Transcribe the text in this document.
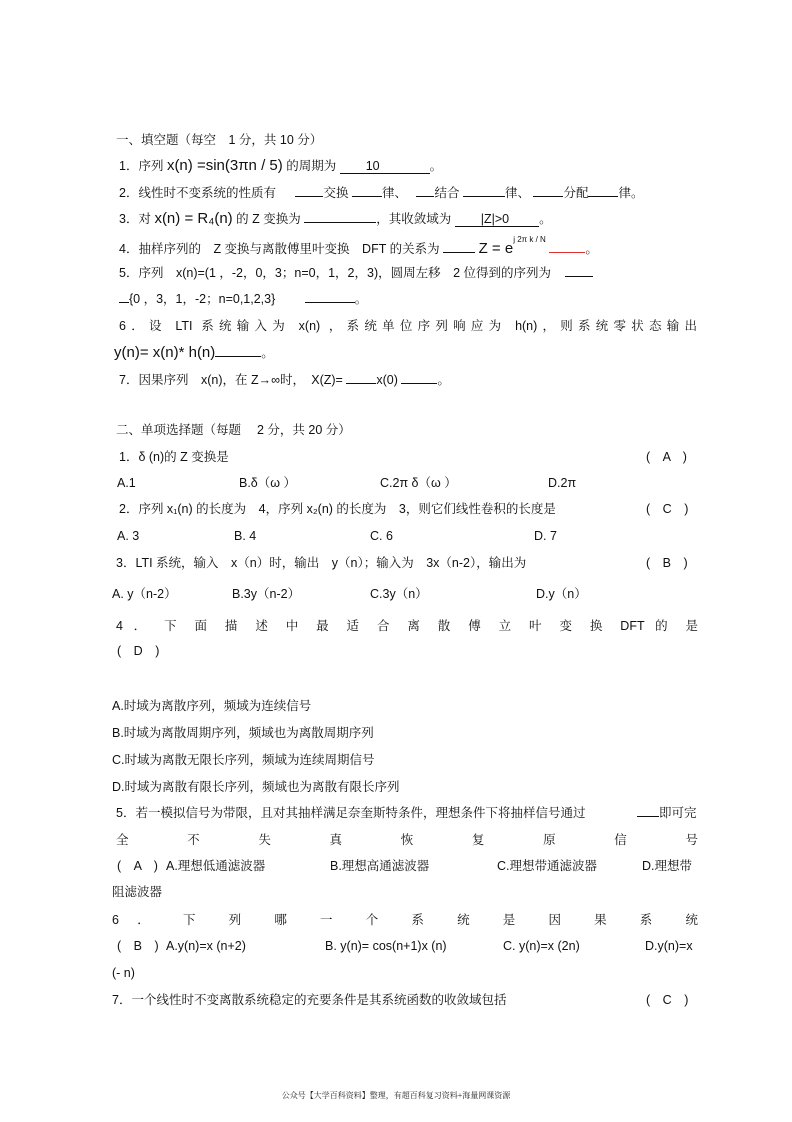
一、填空题（每空　1 分，共 10 分）
1．序列 x(n) =sin(3πn / 5) 的周期为 10	。
2．线性时不变系统的性质有	交换	律、 结合	律、	分配 律。
3．对 x(n) = R₄(n) 的 Z 变换为	，其收敛域为 |Z|>0 。
4．抽样序列的　Z 变换与离散傅里叶变换　DFT 的关系为	$Z = e^{j 2\pi k / N}$ 。
5．序列　x(n)=(1 ，-2，0，3；n=0，1，2，3)，圆周左移　2 位得到的序列为
{0 ，3，1，-2；n=0,1,2,3}	。
6．设 LTI 系统输入为 x(n) ，系统单位序列响应为 h(n)，则系统零状态输出
y(n)= x(n)* h(n)	。
7．因果序列　x(n)，在 Z→∞时，　X(Z)=	x(0)	。
二、单项选择题（每题　 2 分，共 20 分）
1．δ (n)的 Z 变换是	(　A　)
A.1	B.δ（ω ）	C.2π δ（ω ）	D.2π
2．序列 x₁(n) 的长度为　4，序列 x₂(n) 的长度为　3，则它们线性卷积的长度是	(　C　)
A. 3	B. 4	C. 6	D. 7
3．LTI 系统，输入　x（n）时，输出　y（n）；输入为　3x（n-2），输出为	(　B　)
A. y（n-2）	B.3y（n-2）	C.3y（n）	D.y（n）
4 ． 下 面 描 述 中 最 适 合 离 散 傅 立 叶 变 换 DFT 的 是
(　D　)
A.时域为离散序列，频域为连续信号
B.时域为离散周期序列，频域也为离散周期序列
C.时域为离散无限长序列，频域为连续周期信号
D.时域为离散有限长序列，频域也为离散有限长序列
5．若一模拟信号为带限，且对其抽样满足奈奎斯特条件，理想条件下将抽样信号通过	即可完
全 不 失 真 恢 复 原 信 号
(　A　) A.理想低通滤波器	B.理想高通滤波器	C.理想带通滤波器	D.理想带
阻滤波器
6 ． 下 列 哪 一 个 系 统 是 因 果 系 统
(　B　) A.y(n)=x (n+2)	B. y(n)= cos(n+1)x (n)	C. y(n)=x (2n)	D.y(n)=x
(- n)
7．一个线性时不变离散系统稳定的充要条件是其系统函数的收敛域包括	(　C　)
公众号【大学百科资料】整理，有超百科复习资料+海量网课资源
